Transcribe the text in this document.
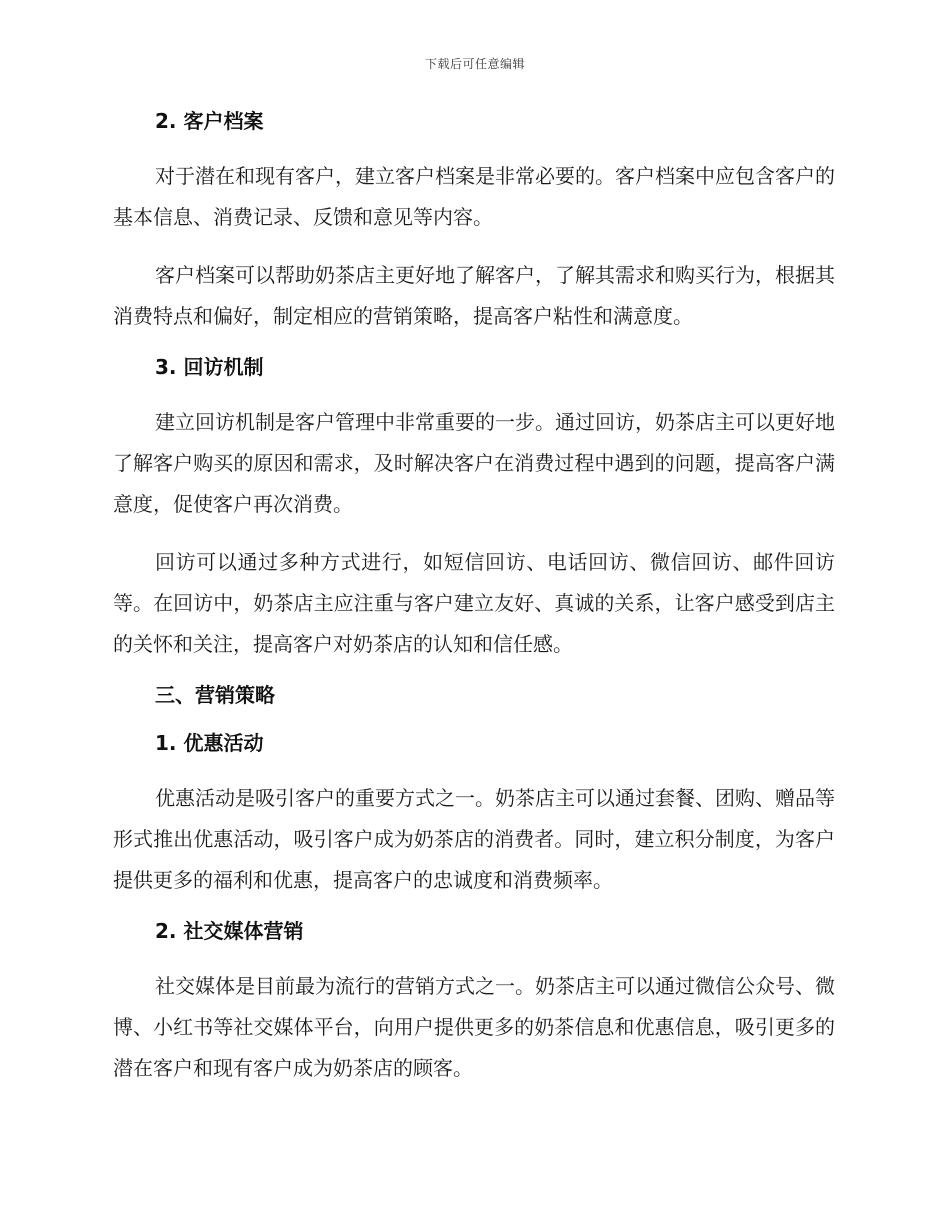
下载后可任意编辑
2. 客户档案

对于潜在和现有客户，建立客户档案是非常必要的。客户档案中应包含客户的基本信息、消费记录、反馈和意见等内容。

客户档案可以帮助奶茶店主更好地了解客户，了解其需求和购买行为，根据其消费特点和偏好，制定相应的营销策略，提高客户粘性和满意度。

3. 回访机制

建立回访机制是客户管理中非常重要的一步。通过回访，奶茶店主可以更好地了解客户购买的原因和需求，及时解决客户在消费过程中遇到的问题，提高客户满意度，促使客户再次消费。

回访可以通过多种方式进行，如短信回访、电话回访、微信回访、邮件回访等。在回访中，奶茶店主应注重与客户建立友好、真诚的关系，让客户感受到店主的关怀和关注，提高客户对奶茶店的认知和信任感。

三、营销策略
1. 优惠活动

优惠活动是吸引客户的重要方式之一。奶茶店主可以通过套餐、团购、赠品等形式推出优惠活动，吸引客户成为奶茶店的消费者。同时，建立积分制度，为客户提供更多的福利和优惠，提高客户的忠诚度和消费频率。

2. 社交媒体营销

社交媒体是目前最为流行的营销方式之一。奶茶店主可以通过微信公众号、微博、小红书等社交媒体平台，向用户提供更多的奶茶信息和优惠信息，吸引更多的潜在客户和现有客户成为奶茶店的顾客。
